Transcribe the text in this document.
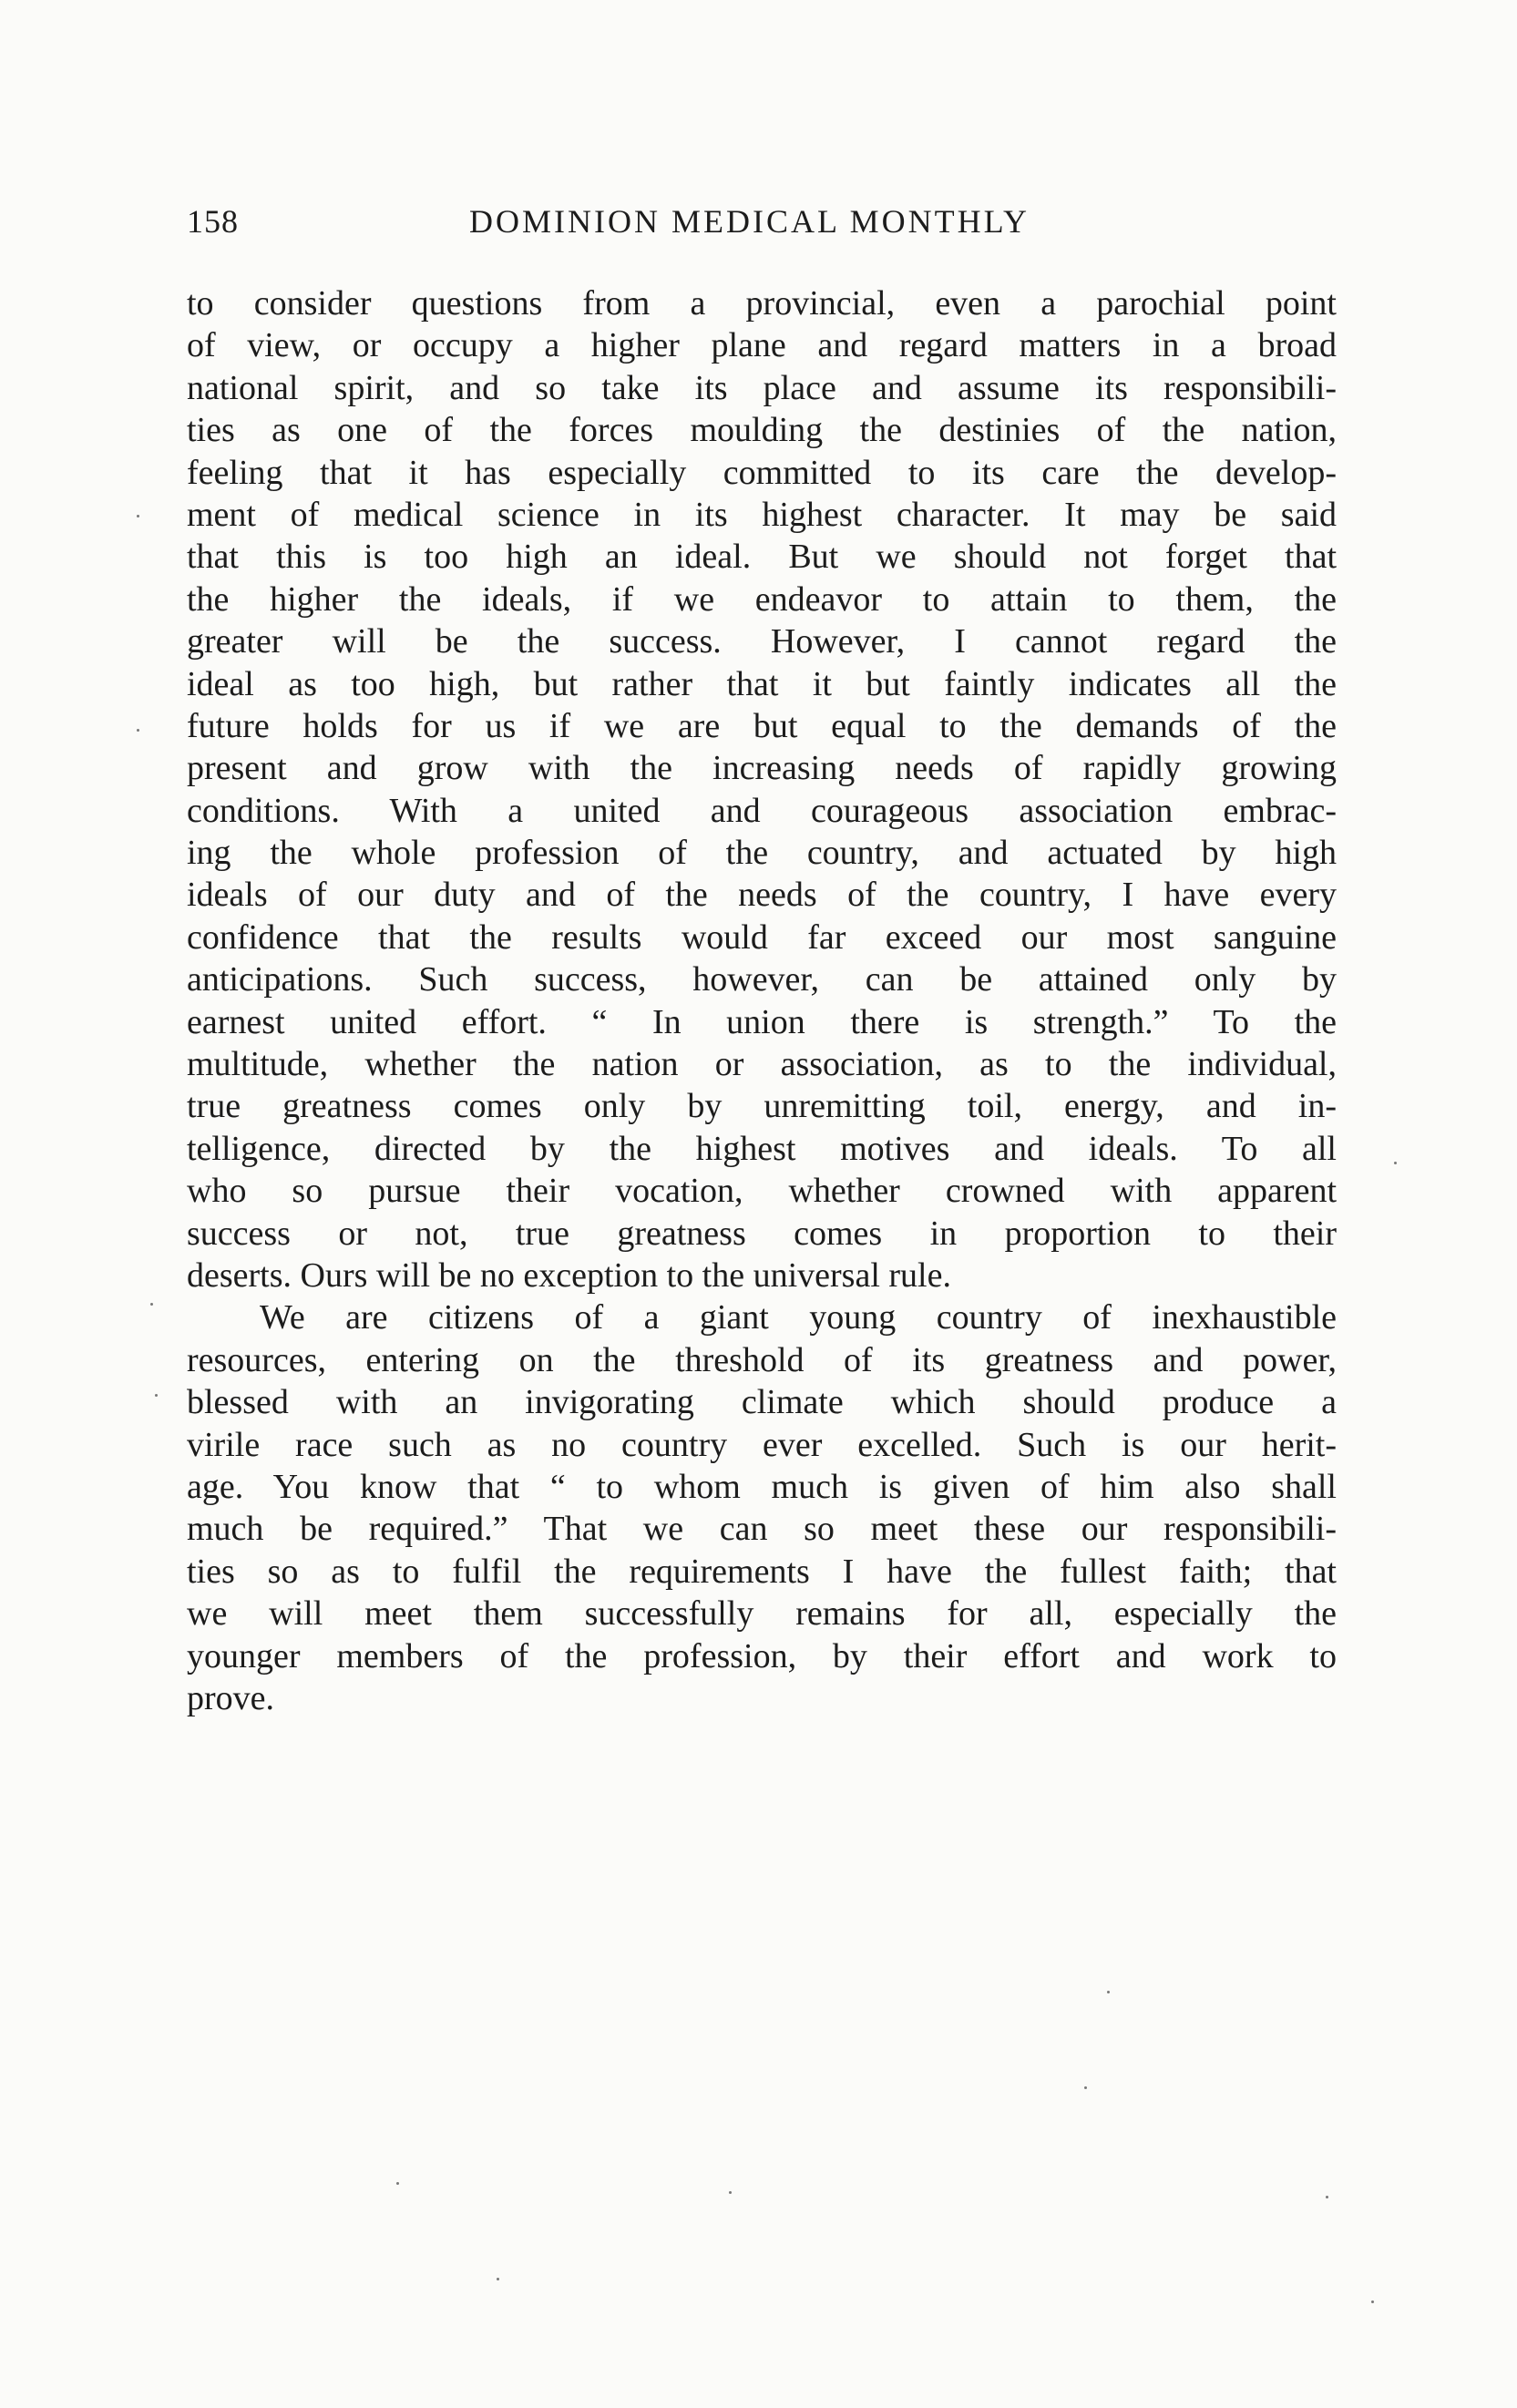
158	DOMINION MEDICAL MONTHLY
to consider questions from a provincial, even a parochial point
of view, or occupy a higher plane and regard matters in a broad
national spirit, and so take its place and assume its responsibili-
ties as one of the forces moulding the destinies of the nation,
feeling that it has especially committed to its care the develop-
ment of medical science in its highest character. It may be said
that this is too high an ideal. But we should not forget that
the higher the ideals, if we endeavor to attain to them, the
greater will be the success. However, I cannot regard the
ideal as too high, but rather that it but faintly indicates all the
future holds for us if we are but equal to the demands of the
present and grow with the increasing needs of rapidly growing
conditions. With a united and courageous association embrac-
ing the whole profession of the country, and actuated by high
ideals of our duty and of the needs of the country, I have every
confidence that the results would far exceed our most sanguine
anticipations. Such success, however, can be attained only by
earnest united effort. “ In union there is strength.” To the
multitude, whether the nation or association, as to the individual,
true greatness comes only by unremitting toil, energy, and in-
telligence, directed by the highest motives and ideals. To all
who so pursue their vocation, whether crowned with apparent
success or not, true greatness comes in proportion to their
deserts. Ours will be no exception to the universal rule.
We are citizens of a giant young country of inexhaustible
resources, entering on the threshold of its greatness and power,
blessed with an invigorating climate which should produce a
virile race such as no country ever excelled. Such is our herit-
age. You know that “ to whom much is given of him also shall
much be required.” That we can so meet these our responsibili-
ties so as to fulfil the requirements I have the fullest faith; that
we will meet them successfully remains for all, especially the
younger members of the profession, by their effort and work to
prove.
